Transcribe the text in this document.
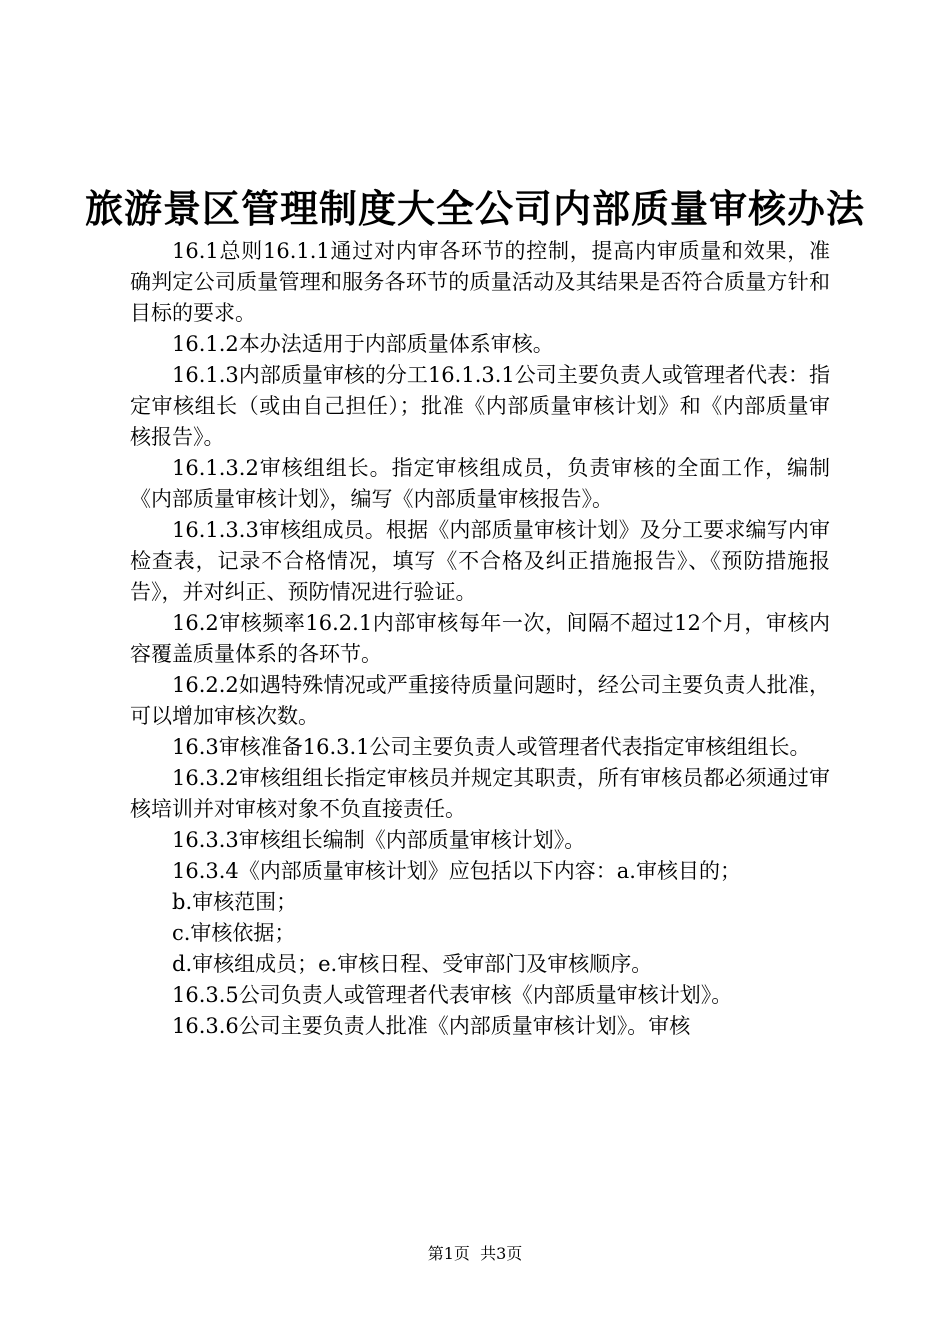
旅游景区管理制度大全公司内部质量审核办法

16.1总则16.1.1通过对内审各环节的控制，提高内审质量和效果，准确判定公司质量管理和服务各环节的质量活动及其结果是否符合质量方针和目标的要求。

16.1.2本办法适用于内部质量体系审核。

16.1.3内部质量审核的分工16.1.3.1公司主要负责人或管理者代表：指定审核组长（或由自己担任）；批准《内部质量审核计划》和《内部质量审核报告》。

16.1.3.2审核组组长。指定审核组成员，负责审核的全面工作，编制《内部质量审核计划》，编写《内部质量审核报告》。

16.1.3.3审核组成员。根据《内部质量审核计划》及分工要求编写内审检查表，记录不合格情况，填写《不合格及纠正措施报告》、《预防措施报告》，并对纠正、预防情况进行验证。

16.2审核频率16.2.1内部审核每年一次，间隔不超过12个月，审核内容覆盖质量体系的各环节。

16.2.2如遇特殊情况或严重接待质量问题时，经公司主要负责人批准，可以增加审核次数。

16.3审核准备16.3.1公司主要负责人或管理者代表指定审核组组长。

16.3.2审核组组长指定审核员并规定其职责，所有审核员都必须通过审核培训并对审核对象不负直接责任。

16.3.3审核组长编制《内部质量审核计划》。

16.3.4《内部质量审核计划》应包括以下内容：a.审核目的；

b.审核范围；

c.审核依据；

d.审核组成员；e.审核日程、受审部门及审核顺序。

16.3.5公司负责人或管理者代表审核《内部质量审核计划》。

16.3.6公司主要负责人批准《内部质量审核计划》。审核

第1页  共3页
